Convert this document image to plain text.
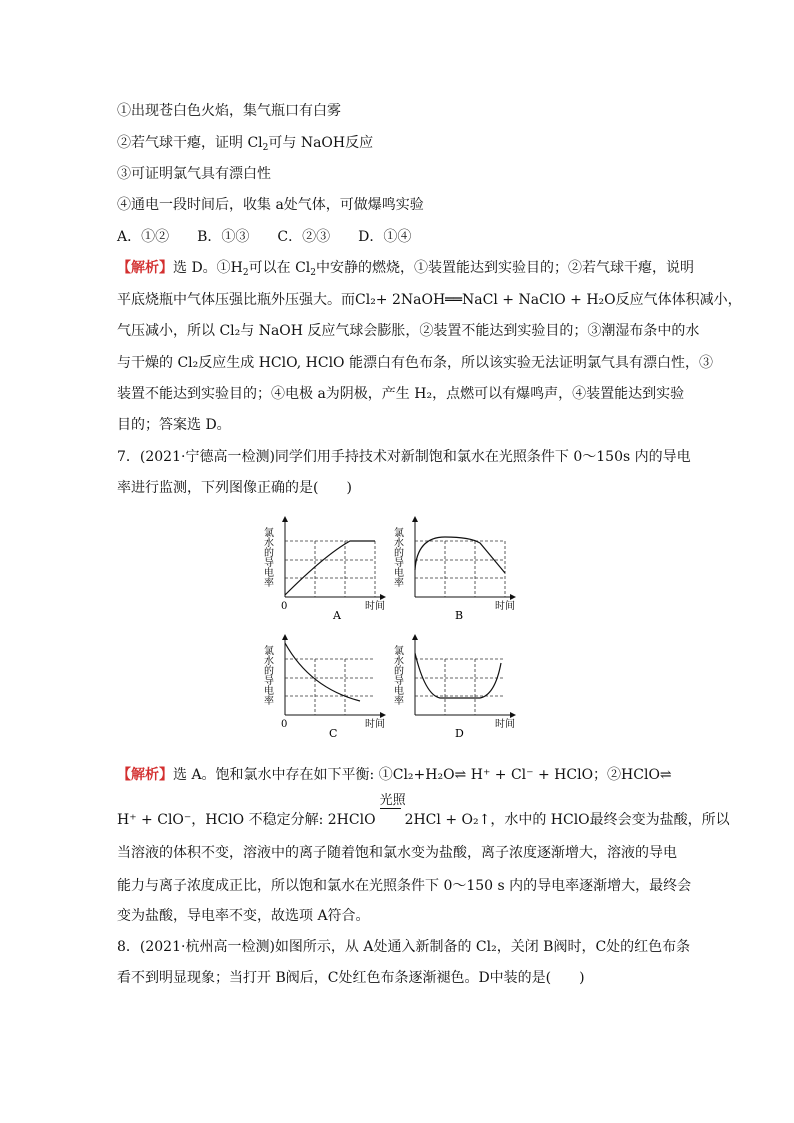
①出现苍白色火焰，集气瓶口有白雾
②若气球干瘪，证明 $Cl_2$可与 NaOH反应
③可证明氯气具有漂白性
④通电一段时间后，收集 a处气体，可做爆鸣实验
A．①②　　B．①③　　C．②③　　D．①④
【解析】选 D。$①H_2$可以在 $Cl_2$中安静的燃烧，①装置能达到实验目的；②若气球干瘪，说明
平底烧瓶中气体压强比瓶外压强大。而Cl₂+ 2NaOH══NaCl + NaClO + H₂O反应气体体积减小，
气压减小，所以 Cl₂与 NaOH 反应气球会膨胀，②装置不能达到实验目的；③潮湿布条中的水
与干燥的 Cl₂反应生成 HClO, HClO 能漂白有色布条，所以该实验无法证明氯气具有漂白性，③
装置不能达到实验目的；④电极 a为阴极，产生 H₂，点燃可以有爆鸣声，④装置能达到实验
目的；答案选 D。
7．(2021·宁德高一检测)同学们用手持技术对新制饱和氯水在光照条件下 0～150s 内的导电
率进行监测，下列图像正确的是(　　)
氯水的导电率
0	时间
A
氯水的导电率
时间
B
氯水的导电率
0	时间
C
氯水的导电率
时间
D
【解析】选 A。饱和氯水中存在如下平衡: ①Cl₂+H₂O⇌ H⁺ + Cl⁻ + HClO；②HClO⇌
H⁺ + ClO⁻，HClO 不稳定分解: 2HClO
光照
   2HCl + O₂↑，水中的 HClO最终会变为盐酸，所以
当溶液的体积不变，溶液中的离子随着饱和氯水变为盐酸，离子浓度逐渐增大，溶液的导电
能力与离子浓度成正比，所以饱和氯水在光照条件下 0～150 s 内的导电率逐渐增大，最终会
变为盐酸，导电率不变，故选项 A符合。
8．(2021·杭州高一检测)如图所示，从 A处通入新制备的 Cl₂，关闭 B阀时，C处的红色布条
看不到明显现象；当打开 B阀后，C处红色布条逐渐褪色。D中装的是(　　)
